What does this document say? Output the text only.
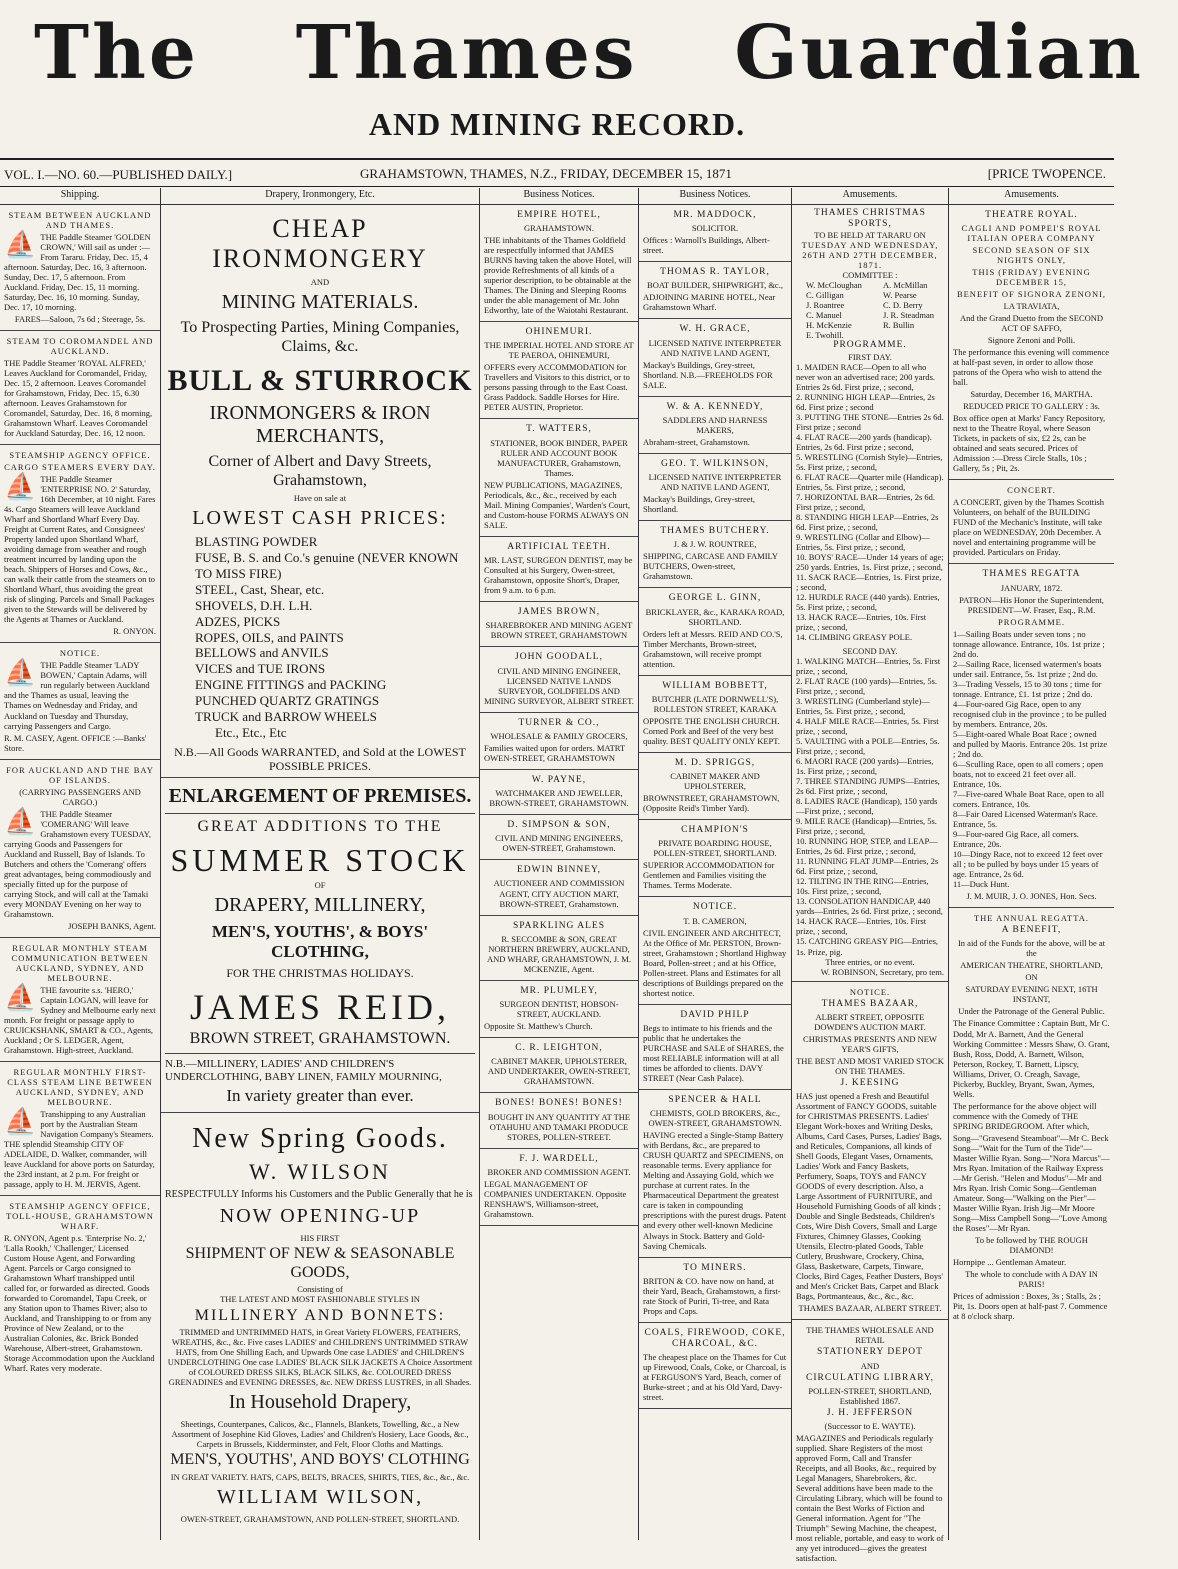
The Thames Guardian
AND MINING RECORD.
VOL. I.—NO. 60.—PUBLISHED DAILY.]	GRAHAMSTOWN, THAMES, N.Z., FRIDAY, DECEMBER 15, 1871	[PRICE TWOPENCE.
Shipping.

STEAM BETWEEN AUCKLAND AND THAMES.

⛵ THE Paddle Steamer 'GOLDEN CROWN,' Will sail as under :— From Tararu. Friday, Dec. 15, 4 afternoon. Saturday, Dec. 16, 3 afternoon. Sunday, Dec. 17, 5 afternoon. From Auckland. Friday, Dec. 15, 11 morning. Saturday, Dec. 16, 10 morning. Sunday, Dec. 17, 10 morning.

FARES—Saloon, 7s 6d ; Steerage, 5s.

STEAM TO COROMANDEL AND AUCKLAND.

THE Paddle Steamer 'ROYAL ALFRED,' Leaves Auckland for Coromandel, Friday, Dec. 15, 2 afternoon. Leaves Coromandel for Grahamstown, Friday, Dec. 15, 6.30 afternoon. Leaves Grahamstown for Coromandel, Saturday, Dec. 16, 8 morning, Grahamstown Wharf. Leaves Coromandel for Auckland Saturday, Dec. 16, 12 noon.

STEAMSHIP AGENCY OFFICE.

CARGO STEAMERS EVERY DAY.

⛵ THE Paddle Steamer 'ENTERPRISE NO. 2' Saturday, 16th December, at 10 night. Fares 4s. Cargo Steamers will leave Auckland Wharf and Shortland Wharf Every Day. Freight at Current Rates, and Consignees' Property landed upon Shortland Wharf, avoiding damage from weather and rough treatment incurred by landing upon the beach. Shippers of Horses and Cows, &c., can walk their cattle from the steamers on to Shortland Wharf, thus avoiding the great risk of slinging. Parcels and Small Packages given to the Stewards will be delivered by the Agents at Thames or Auckland.

R. ONYON.

NOTICE.

⛵ THE Paddle Steamer 'LADY BOWEN,' Captain Adams, will run regularly between Auckland and the Thames as usual, leaving the Thames on Wednesday and Friday, and Auckland on Tuesday and Thursday, carrying Passengers and Cargo.

R. M. CASEY, Agent. OFFICE :—Banks' Store.

FOR AUCKLAND AND THE BAY OF ISLANDS.

(CARRYING PASSENGERS AND CARGO.)

⛵ THE Paddle Steamer 'COMERANG' Will leave Grahamstown every TUESDAY, carrying Goods and Passengers for Auckland and Russell, Bay of Islands. To Butchers and others the 'Comerang' offers great advantages, being commodiously and specially fitted up for the purpose of carrying Stock, and will call at the Tamaki every MONDAY Evening on her way to Grahamstown.

JOSEPH BANKS, Agent.

REGULAR MONTHLY STEAM COMMUNICATION BETWEEN AUCKLAND, SYDNEY, AND MELBOURNE.

⛵ THE favourite s.s. 'HERO,' Captain LOGAN, will leave for Sydney and Melbourne early next month. For freight or passage apply to CRUICKSHANK, SMART & CO., Agents, Auckland ; Or S. LEDGER, Agent, Grahamstown. High-street, Auckland.

REGULAR MONTHLY FIRST-CLASS STEAM LINE BETWEEN AUCKLAND, SYDNEY, AND MELBOURNE.

⛵ Transhipping to any Australian port by the Australian Steam Navigation Company's Steamers. THE splendid Steamship CITY OF ADELAIDE, D. Walker, commander, will leave Auckland for above ports on Saturday, the 23rd instant, at 2 p.m. For freight or passage, apply to H. M. JERVIS, Agent.

STEAMSHIP AGENCY OFFICE, TOLL-HOUSE, GRAHAMSTOWN WHARF.

R. ONYON, Agent p.s. 'Enterprise No. 2,' 'Lalla Rookh,' 'Challenger,' Licensed Custom House Agent, and Forwarding Agent. Parcels or Cargo consigned to Grahamstown Wharf transhipped until called for, or forwarded as directed. Goods forwarded to Coromandel, Tapu Creek, or any Station upon to Thames River; also to Auckland, and Transhipping to or from any Province of New Zealand, or to the Australian Colonies, &c. Brick Bonded Warehouse, Albert-street, Grahamstown. Storage Accommodation upon the Auckland Wharf. Rates very moderate.

Drapery, Ironmongery, Etc.
CHEAP IRONMONGERY
AND
MINING MATERIALS.
To Prospecting Parties, Mining Companies, Claims, &c.
BULL & STURROCK
IRONMONGERS & IRON MERCHANTS,
Corner of Albert and Davy Streets, Grahamstown,
Have on sale at
LOWEST CASH PRICES:
BLASTING POWDER
FUSE, B. S. and Co.'s genuine (NEVER KNOWN TO MISS FIRE)
STEEL, Cast, Shear, etc.
SHOVELS, D.H. L.H.
ADZES, PICKS
ROPES, OILS, and PAINTS
BELLOWS and ANVILS
VICES and TUE IRONS
ENGINE FITTINGS and PACKING
PUNCHED QUARTZ GRATINGS
TRUCK and BARROW WHEELS
Etc., Etc., Etc
N.B.—All Goods WARRANTED, and Sold at the LOWEST POSSIBLE PRICES.
ENLARGEMENT OF PREMISES.
GREAT ADDITIONS TO THE
SUMMER STOCK
OF
DRAPERY, MILLINERY,
MEN'S, YOUTHS', & BOYS' CLOTHING,
FOR THE CHRISTMAS HOLIDAYS.
JAMES REID,
BROWN STREET, GRAHAMSTOWN.
N.B.—MILLINERY, LADIES' AND CHILDREN'S UNDERCLOTHING, BABY LINEN, FAMILY MOURNING,
In variety greater than ever.
New Spring Goods.
W. WILSON
RESPECTFULLY Informs his Customers and the Public Generally that he is
NOW OPENING-UP
HIS FIRST
SHIPMENT OF NEW & SEASONABLE GOODS,
Consisting of
THE LATEST AND MOST FASHIONABLE STYLES IN
MILLINERY AND BONNETS:
TRIMMED and UNTRIMMED HATS, in Great Variety FLOWERS, FEATHERS, WREATHS, &c., &c. Five cases LADIES' and CHILDREN'S UNTRIMMED STRAW HATS, from One Shilling Each, and Upwards One case LADIES' and CHILDREN'S UNDERCLOTHING One case LADIES' BLACK SILK JACKETS A Choice Assortment of COLOURED DRESS SILKS, BLACK SILKS, &c. COLOURED DRESS GRENADINES and EVENING DRESSES, &c. NEW DRESS LUSTRES, in all Shades.
In Household Drapery,
Sheetings, Counterpanes, Calicos, &c., Flannels, Blankets, Towelling, &c., a New Assortment of Josephine Kid Gloves, Ladies' and Children's Hosiery, Lace Goods, &c., Carpets in Brussels, Kidderminster, and Felt, Floor Cloths and Mattings.
MEN'S, YOUTHS', AND BOYS' CLOTHING
IN GREAT VARIETY. HATS, CAPS, BELTS, BRACES, SHIRTS, TIES, &c., &c., &c.
WILLIAM WILSON,
OWEN-STREET, GRAHAMSTOWN, AND POLLEN-STREET, SHORTLAND.
Business Notices.

EMPIRE HOTEL,

GRAHAMSTOWN.

THE inhabitants of the Thames Goldfield are respectfully informed that JAMES BURNS having taken the above Hotel, will provide Refreshments of all kinds of a superior description, to be obtainable at the Thames. The Dining and Sleeping Rooms under the able management of Mr. John Edworthy, late of the Waiotahi Restaurant.

OHINEMURI.

THE IMPERIAL HOTEL AND STORE AT TE PAEROA, OHINEMURI,

OFFERS every ACCOMMODATION for Travellers and Visitors to this district, or to persons passing through to the East Coast. Grass Paddock. Saddle Horses for Hire. PETER AUSTIN, Proprietor.

T. WATTERS,

STATIONER, BOOK BINDER, PAPER RULER AND ACCOUNT BOOK MANUFACTURER, Grahamstown, Thames.

NEW PUBLICATIONS, MAGAZINES, Periodicals, &c., &c., received by each Mail. Mining Companies', Warden's Court, and Custom-house FORMS ALWAYS ON SALE.

ARTIFICIAL TEETH.

MR. LAST, SURGEON DENTIST, may be Consulted at his Surgery, Owen-street, Grahamstown, opposite Short's, Draper, from 9 a.m. to 6 p.m.

JAMES BROWN,

SHAREBROKER AND MINING AGENT BROWN STREET, GRAHAMSTOWN

JOHN GOODALL,

CIVIL AND MINING ENGINEER, LICENSED NATIVE LANDS SURVEYOR, GOLDFIELDS AND MINING SURVEYOR, ALBERT STREET.

TURNER & CO.,

WHOLESALE & FAMILY GROCERS,

Families waited upon for orders. MATRT OWEN-STREET, GRAHAMSTOWN

W. PAYNE,

WATCHMAKER AND JEWELLER, BROWN-STREET, GRAHAMSTOWN.

D. SIMPSON & SON,

CIVIL AND MINING ENGINEERS, OWEN-STREET, Grahamstown.

EDWIN BINNEY,

AUCTIONEER AND COMMISSION AGENT, CITY AUCTION MART, BROWN-STREET, Grahamstown.

SPARKLING ALES

R. SECCOMBE & SON, GREAT NORTHERN BREWERY, AUCKLAND, AND WHARF, GRAHAMSTOWN, J. M. MCKENZIE, Agent.

MR. PLUMLEY,

SURGEON DENTIST, HOBSON-STREET, AUCKLAND.

Opposite St. Matthew's Church.

C. R. LEIGHTON,

CABINET MAKER, UPHOLSTERER, AND UNDERTAKER, OWEN-STREET, GRAHAMSTOWN.

BONES! BONES! BONES!

BOUGHT IN ANY QUANTITY AT THE OTAHUHU AND TAMAKI PRODUCE STORES, POLLEN-STREET.

F. J. WARDELL,

BROKER AND COMMISSION AGENT.

LEGAL MANAGEMENT OF COMPANIES UNDERTAKEN. Opposite RENSHAW'S, Williamson-street, Grahamstown.

Business Notices.

MR. MADDOCK,

SOLICITOR.

Offices : Warnoll's Buildings, Albert-street.

THOMAS R. TAYLOR,

BOAT BUILDER, SHIPWRIGHT, &c.,

ADJOINING MARINE HOTEL, Near Grahamstown Wharf.

W. H. GRACE,

LICENSED NATIVE INTERPRETER AND NATIVE LAND AGENT,

Mackay's Buildings, Grey-street, Shortland. N.B.—FREEHOLDS FOR SALE.

W. & A. KENNEDY,

SADDLERS AND HARNESS MAKERS,

Abraham-street, Grahamstown.

GEO. T. WILKINSON,

LICENSED NATIVE INTERPRETER AND NATIVE LAND AGENT,

Mackay's Buildings, Grey-street, Shortland.

THAMES BUTCHERY.

J. & J. W. ROUNTREE,

SHIPPING, CARCASE AND FAMILY BUTCHERS, Owen-street, Grahamstown.

GEORGE L. GINN,

BRICKLAYER, &c., KARAKA ROAD, SHORTLAND.

Orders left at Messrs. REID AND CO.'S, Timber Merchants, Brown-street, Grahamstown, will receive prompt attention.

WILLIAM BOBBETT,

BUTCHER (LATE DORNWELL'S), ROLLESTON STREET, KARAKA

OPPOSITE THE ENGLISH CHURCH. Corned Pork and Beef of the very best quality. BEST QUALITY ONLY KEPT.

M. D. SPRIGGS,

CABINET MAKER AND UPHOLSTERER,

BROWNSTREET, GRAHAMSTOWN, (Opposite Reid's Timber Yard).

CHAMPION'S

PRIVATE BOARDING HOUSE, POLLEN-STREET, SHORTLAND.

SUPERIOR ACCOMMODATION for Gentlemen and Families visiting the Thames. Terms Moderate.

NOTICE.

T. B. CAMERON,

CIVIL ENGINEER AND ARCHITECT, At the Office of Mr. PERSTON, Brown-street, Grahamstown ; Shortland Highway Board, Pollen-street ; and at his Office, Pollen-street. Plans and Estimates for all descriptions of Buildings prepared on the shortest notice.

DAVID PHILP

Begs to intimate to his friends and the public that he undertakes the PURCHASE and SALE of SHARES, the most RELIABLE information will at all times be afforded to clients. DAVY STREET (Near Cash Palace).

SPENCER & HALL

CHEMISTS, GOLD BROKERS, &c., OWEN-STREET, GRAHAMSTOWN.

HAVING erected a Single-Stamp Battery with Berdans, &c., are prepared to CRUSH QUARTZ and SPECIMENS, on reasonable terms. Every appliance for Melting and Assaying Gold, which we purchase at current rates. In the Pharmaceutical Department the greatest care is taken in compounding prescriptions with the purest drugs. Patent and every other well-known Medicine Always in Stock. Battery and Gold-Saving Chemicals.

TO MINERS.

BRITON & CO. have now on hand, at their Yard, Beach, Grahamstown, a first-rate Stock of Puriri, Ti-tree, and Rata Props and Caps.

COALS, FIREWOOD, COKE, CHARCOAL, &C.

The cheapest place on the Thames for Cut up Firewood, Coals, Coke, or Charcoal, is at FERGUSON'S Yard, Beach, corner of Burke-street ; and at his Old Yard, Davy-street.

Amusements.

THAMES CHRISTMAS SPORTS,

TO BE HELD AT TARARU ON

TUESDAY AND WEDNESDAY, 26TH AND 27TH DECEMBER, 1871.

COMMITTEE :

W. McCloughan
C. Gilligan
J. Roantree
C. Manuel
H. McKenzie
E. Twohill.
A. McMillan
W. Pearse
C. D. Berry
J. R. Steadman
R. Bullin

PROGRAMME.

FIRST DAY.

1. MAIDEN RACE—Open to all who never won an advertised race; 200 yards. Entries 2s 6d. First prize, ; second,
2. RUNNING HIGH LEAP—Entries, 2s 6d. First prize ; second
3. PUTTING THE STONE—Entries 2s 6d. First prize ; second
4. FLAT RACE—200 yards (handicap). Entries, 2s 6d. First prize ; second,
5. WRESTLING (Cornish Style)—Entries, 5s. First prize, ; second,
6. FLAT RACE—Quarter mile (Handicap). Entries, 5s. First prize, ; second,
7. HORIZONTAL BAR—Entries, 2s 6d. First prize, ; second,
8. STANDING HIGH LEAP—Entries, 2s 6d. First prize, ; second,
9. WRESTLING (Collar and Elbow)—Entries, 5s. First prize, ; second,
10. BOYS' RACE—Under 14 years of age; 250 yards. Entries, 1s. First prize, ; second,
11. SACK RACE—Entries, 1s. First prize, ; second,
12. HURDLE RACE (440 yards). Entries, 5s. First prize, ; second,
13. HACK RACE—Entries, 10s. First prize, ; second,
14. CLIMBING GREASY POLE.

SECOND DAY.

1. WALKING MATCH—Entries, 5s. First prize, ; second,
2. FLAT RACE (100 yards)—Entries, 5s. First prize, ; second,
3. WRESTLING (Cumberland style)—Entries, 5s. First prize, ; second,
4. HALF MILE RACE—Entries, 5s. First prize, ; second,
5. VAULTING with a POLE—Entries, 5s. First prize, ; second,
6. MAORI RACE (200 yards)—Entries, 1s. First prize, ; second,
7. THREE STANDING JUMPS—Entries, 2s 6d. First prize, ; second,
8. LADIES RACE (Handicap), 150 yards—First prize, ; second,
9. MILE RACE (Handicap)—Entries, 5s. First prize, ; second,
10. RUNNING HOP, STEP, and LEAP—Entries, 2s 6d. First prize, ; second,
11. RUNNING FLAT JUMP—Entries, 2s 6d. First prize, ; second,
12. TILTING IN THE RING—Entries, 10s. First prize, ; second,
13. CONSOLATION HANDICAP, 440 yards—Entries, 2s 6d. First prize, ; second,
14. HACK RACE—Entries, 10s. First prize, ; second,
15. CATCHING GREASY PIG—Entries, 1s. Prize, pig.

Three entries, or no event.

W. ROBINSON, Secretary, pro tem.

NOTICE.

THAMES BAZAAR,

ALBERT STREET, OPPOSITE DOWDEN'S AUCTION MART.

CHRISTMAS PRESENTS AND NEW YEAR'S GIFTS,

THE BEST AND MOST VARIED STOCK ON THE THAMES.

J. KEESING

HAS just opened a Fresh and Beautiful Assortment of FANCY GOODS, suitable for CHRISTMAS PRESENTS. Ladies' Elegant Work-boxes and Writing Desks, Albums, Card Cases, Purses, Ladies' Bags, and Reticules, Companions, all kinds of Shell Goods, Elegant Vases, Ornaments, Ladies' Work and Fancy Baskets, Perfumery, Soaps, TOYS and FANCY GOODS of every description. Also, a Large Assortment of FURNITURE, and Household Furnishing Goods of all kinds ; Double and Single Bedsteads, Children's Cots, Wire Dish Covers, Small and Large Fixtures, Chimney Glasses, Cooking Utensils, Electro-plated Goods, Table Cutlery, Brushware, Crockery, China, Glass, Basketware, Carpets, Tinware, Clocks, Bird Cages, Feather Dusters, Boys' and Men's Cricket Bats, Carpet and Black Bags, Portmanteaus, &c., &c., &c.

THAMES BAZAAR, ALBERT STREET.

THE THAMES WHOLESALE AND RETAIL

STATIONERY DEPOT

AND

CIRCULATING LIBRARY,

POLLEN-STREET, SHORTLAND, Established 1867.

J. H. JEFFERSON

(Successor to E. WAYTE).

MAGAZINES and Periodicals regularly supplied. Share Registers of the most approved Form, Call and Transfer Receipts, and all Books, &c., required by Legal Managers, Sharebrokers, &c. Several additions have been made to the Circulating Library, which will be found to contain the Best Works of Fiction and General information. Agent for "The Triumph" Sewing Machine, the cheapest, most reliable, portable, and easy to work of any yet introduced—gives the greatest satisfaction.

Amusements.

THEATRE ROYAL.

CAGLI AND POMPEI'S ROYAL ITALIAN OPERA COMPANY

SECOND SEASON OF SIX NIGHTS ONLY,

THIS (FRIDAY) EVENING DECEMBER 15,

BENEFIT OF SIGNORA ZENONI,

LA TRAVIATA,

And the Grand Duetto from the SECOND ACT OF SAFFO,

Signore Zenoni and Polli.

The performance this evening will commence at half-past seven, in order to allow those patrons of the Opera who wish to attend the ball.

Saturday, December 16, MARTHA.

REDUCED PRICE TO GALLERY : 3s.

Box office open at Marks' Fancy Repository, next to the Theatre Royal, where Season Tickets, in packets of six, £2 2s, can be obtained and seats secured. Prices of Admission :—Dress Circle Stalls, 10s ; Gallery, 5s ; Pit, 2s.

CONCERT.

A CONCERT, given by the Thames Scottish Volunteers, on behalf of the BUILDING FUND of the Mechanic's Institute, will take place on WEDNESDAY, 20th December. A novel and entertaining programme will be provided. Particulars on Friday.

THAMES REGATTA

JANUARY, 1872.

PATRON—His Honor the Superintendent, PRESIDENT—W. Fraser, Esq., R.M.

PROGRAMME.

1—Sailing Boats under seven tons ; no tonnage allowance. Entrance, 10s. 1st prize ; 2nd do.
2—Sailing Race, licensed watermen's boats under sail. Entrance, 5s. 1st prize ; 2nd do.
3—Trading Vessels, 15 to 30 tons ; time for tonnage. Entrance, £1. 1st prize ; 2nd do.
4—Four-oared Gig Race, open to any recognised club in the province ; to be pulled by members. Entrance, 20s.
5—Eight-oared Whale Boat Race ; owned and pulled by Maoris. Entrance 20s. 1st prize ; 2nd do.
6—Sculling Race, open to all comers ; open boats, not to exceed 21 feet over all. Entrance, 10s.
7—Five-oared Whale Boat Race, open to all comers. Entrance, 10s.
8—Fair Oared Licensed Waterman's Race. Entrance, 5s.
9—Four-oared Gig Race, all comers. Entrance, 20s.
10—Dingy Race, not to exceed 12 feet over all ; to be pulled by boys under 15 years of age. Entrance, 2s 6d.
11—Duck Hunt.

J. M. MUIR, J. O. JONES, Hon. Secs.

THE ANNUAL REGATTA.

A BENEFIT,

In aid of the Funds for the above, will be at the

AMERICAN THEATRE, SHORTLAND,

ON

SATURDAY EVENING NEXT, 16TH INSTANT,

Under the Patronage of the General Public.

The Finance Committee : Captain Butt, Mr C. Dodd, Mr A. Barnett, And the General Working Committee : Messrs Shaw, O. Grant, Bush, Ross, Dodd, A. Barnett, Wilson, Peterson, Rockey, T. Barnett, Lipscy, Williams, Driver, O. Creagh, Savage, Pickerby, Buckley, Bryant, Swan, Aymes, Wells.

The performance for the above object will commence with the Comedy of THE SPRING BRIDEGROOM. After which,

Song—"Gravesend Steamboat"—Mr C. Beck Song—"Wait for the Turn of the Tide"—Master Willie Ryan. Song—"Nora Marcus"—Mrs Ryan. Imitation of the Railway Express—Mr Gerish. "Helen and Modus"—Mr and Mrs Ryan. Irish Comic Song—Gentleman Amateur. Song—"Walking on the Pier"—Master Willie Ryan. Irish Jig—Mr Moore Song—Miss Campbell Song—"Love Among the Roses"—Mr Ryan.

To be followed by THE ROUGH DIAMOND!

Hornpipe ... Gentleman Amateur.

The whole to conclude with A DAY IN PARIS!

Prices of admission : Boxes, 3s ; Stalls, 2s ; Pit, 1s. Doors open at half-past 7. Commence at 8 o'clock sharp.
